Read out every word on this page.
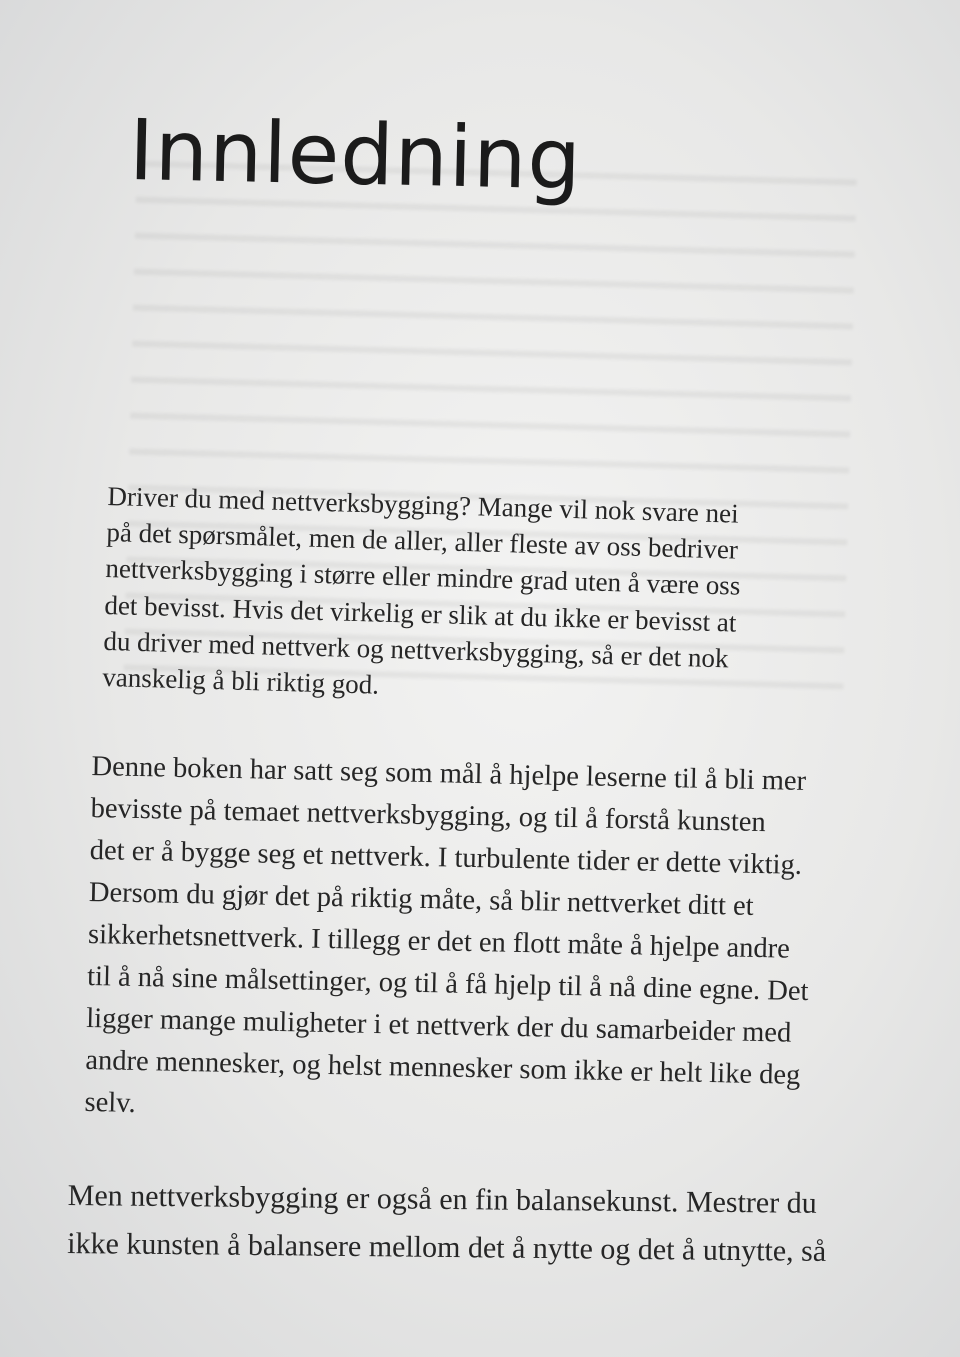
Innledning
Driver du med nettverksbygging? Mange vil nok svare nei
på det spørsmålet, men de aller, aller fleste av oss bedriver
nettverksbygging i større eller mindre grad uten å være oss
det bevisst. Hvis det virkelig er slik at du ikke er bevisst at
du driver med nettverk og nettverksbygging, så er det nok
vanskelig å bli riktig god.
Denne boken har satt seg som mål å hjelpe leserne til å bli mer
bevisste på temaet nettverksbygging, og til å forstå kunsten
det er å bygge seg et nettverk. I turbulente tider er dette viktig.
Dersom du gjør det på riktig måte, så blir nettverket ditt et
sikkerhetsnettverk. I tillegg er det en flott måte å hjelpe andre
til å nå sine målsettinger, og til å få hjelp til å nå dine egne. Det
ligger mange muligheter i et nettverk der du samarbeider med
andre mennesker, og helst mennesker som ikke er helt like deg
selv.
Men nettverksbygging er også en fin balansekunst. Mestrer du
ikke kunsten å balansere mellom det å nytte og det å utnytte, så
